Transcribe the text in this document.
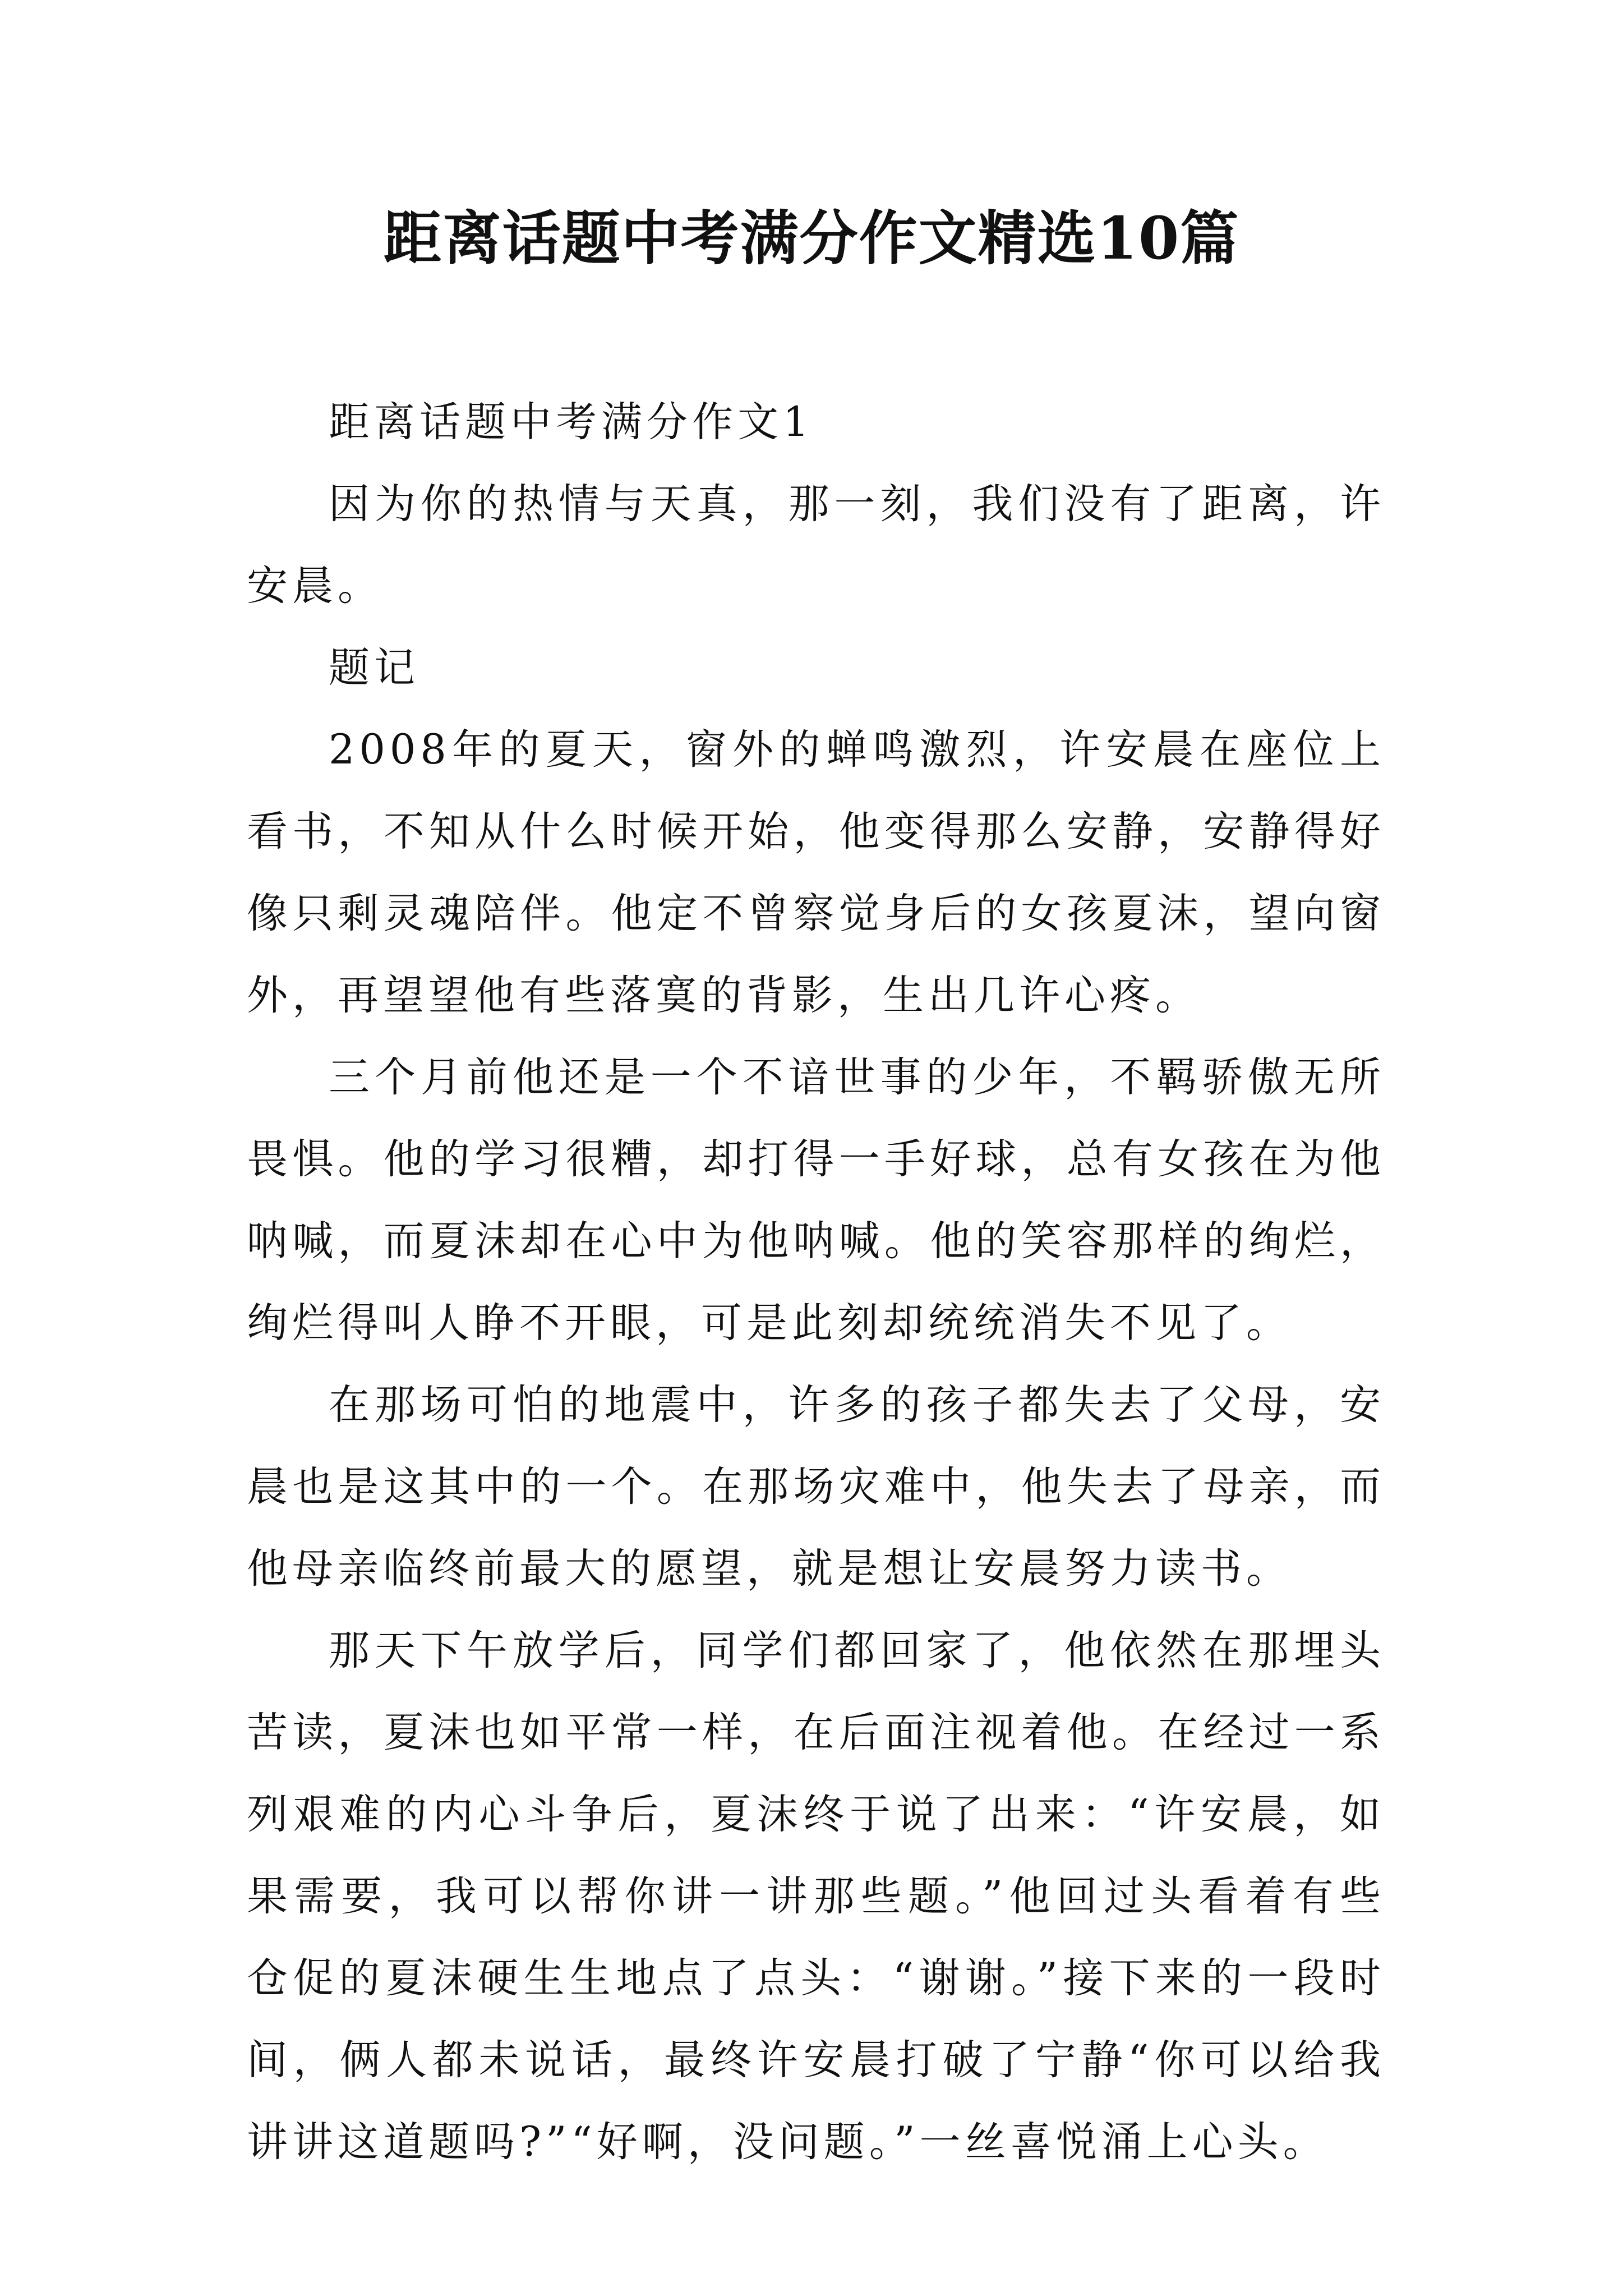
距离话题中考满分作文精选10篇

距离话题中考满分作文1

因为你的热情与天真，那一刻，我们没有了距离，许安晨。

题记

2008年的夏天，窗外的蝉鸣激烈，许安晨在座位上看书，不知从什么时候开始，他变得那么安静，安静得好像只剩灵魂陪伴。他定不曾察觉身后的女孩夏沫，望向窗外，再望望他有些落寞的背影，生出几许心疼。

三个月前他还是一个不谙世事的少年，不羁骄傲无所畏惧。他的学习很糟，却打得一手好球，总有女孩在为他呐喊，而夏沫却在心中为他呐喊。他的笑容那样的绚烂，绚烂得叫人睁不开眼，可是此刻却统统消失不见了。

在那场可怕的地震中，许多的孩子都失去了父母，安晨也是这其中的一个。在那场灾难中，他失去了母亲，而他母亲临终前最大的愿望，就是想让安晨努力读书。

那天下午放学后，同学们都回家了，他依然在那埋头苦读，夏沫也如平常一样，在后面注视着他。在经过一系列艰难的内心斗争后，夏沫终于说了出来：“许安晨，如果需要，我可以帮你讲一讲那些题。”他回过头看着有些仓促的夏沫硬生生地点了点头：“谢谢。”接下来的一段时间，俩人都未说话，最终许安晨打破了宁静“你可以给我讲讲这道题吗?”“好啊，没问题。”一丝喜悦涌上心头。
